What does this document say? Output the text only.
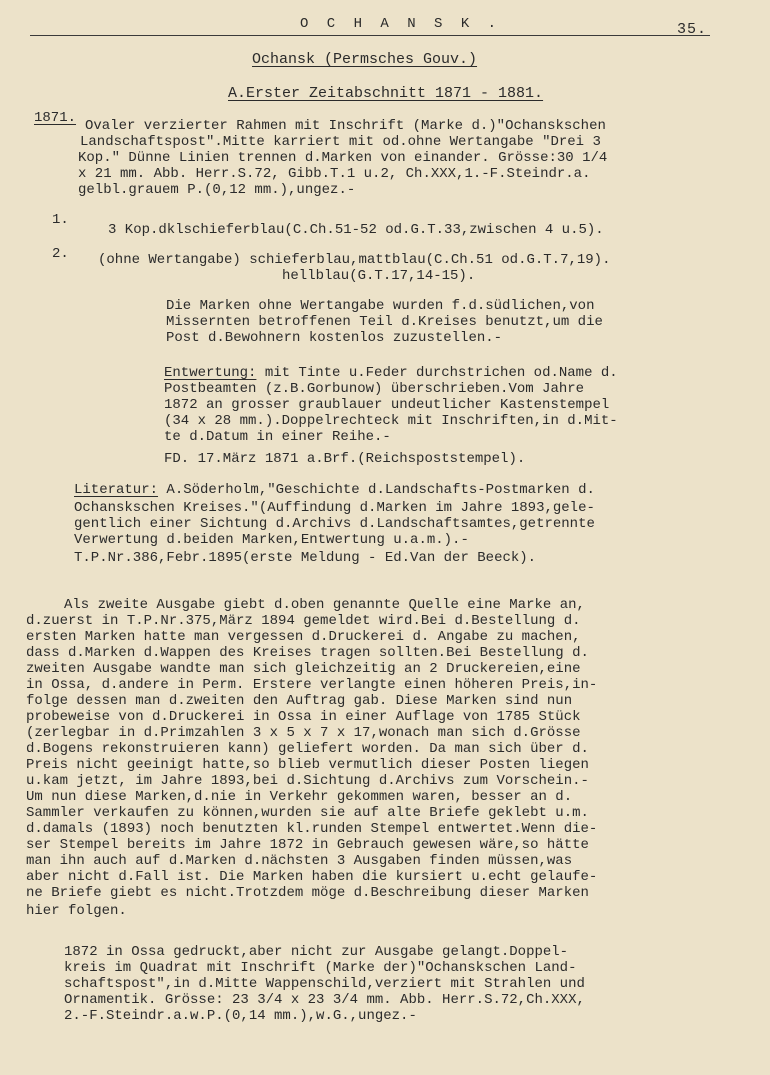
O C H A N S K .	35.
Ochansk (Permsches Gouv.)
A.Erster Zeitabschnitt 1871 - 1881.
1871. Ovaler verzierter Rahmen mit Inschrift (Marke d.)"Ochanskschen
Landschaftspost".Mitte karriert mit od.ohne Wertangabe "Drei 3
Kop." Dünne Linien trennen d.Marken von einander. Grösse:30 1/4
x 21 mm. Abb. Herr.S.72, Gibb.T.1 u.2, Ch.XXX,1.-F.Steindr.a.
gelbl.grauem P.(0,12 mm.),ungez.-
1.
3 Kop.dklschieferblau(C.Ch.51-52 od.G.T.33,zwischen 4 u.5).
2. (ohne Wertangabe) schieferblau,mattblau(C.Ch.51 od.G.T.7,19).
hellblau(G.T.17,14-15).
Die Marken ohne Wertangabe wurden f.d.südlichen,von
Missernten betroffenen Teil d.Kreises benutzt,um die
Post d.Bewohnern kostenlos zuzustellen.-
Entwertung: mit Tinte u.Feder durchstrichen od.Name d.
Postbeamten (z.B.Gorbunow) überschrieben.Vom Jahre
1872 an grosser graublauer undeutlicher Kastenstempel
(34 x 28 mm.).Doppelrechteck mit Inschriften,in d.Mit-
te d.Datum in einer Reihe.-
FD. 17.März 1871 a.Brf.(Reichspoststempel).
Literatur: A.Söderholm,"Geschichte d.Landschafts-Postmarken d.
Ochanskschen Kreises."(Auffindung d.Marken im Jahre 1893,gele-
gentlich einer Sichtung d.Archivs d.Landschaftsamtes,getrennte
Verwertung d.beiden Marken,Entwertung u.a.m.).-
T.P.Nr.386,Febr.1895(erste Meldung - Ed.Van der Beeck).
Als zweite Ausgabe giebt d.oben genannte Quelle eine Marke an,
d.zuerst in T.P.Nr.375,März 1894 gemeldet wird.Bei d.Bestellung d.
ersten Marken hatte man vergessen d.Druckerei d. Angabe zu machen,
dass d.Marken d.Wappen des Kreises tragen sollten.Bei Bestellung d.
zweiten Ausgabe wandte man sich gleichzeitig an 2 Druckereien,eine
in Ossa, d.andere in Perm. Erstere verlangte einen höheren Preis,in-
folge dessen man d.zweiten den Auftrag gab. Diese Marken sind nun
probeweise von d.Druckerei in Ossa in einer Auflage von 1785 Stück
(zerlegbar in d.Primzahlen 3 x 5 x 7 x 17,wonach man sich d.Grösse
d.Bogens rekonstruieren kann) geliefert worden. Da man sich über d.
Preis nicht geeinigt hatte,so blieb vermutlich dieser Posten liegen
u.kam jetzt, im Jahre 1893,bei d.Sichtung d.Archivs zum Vorschein.-
Um nun diese Marken,d.nie in Verkehr gekommen waren, besser an d.
Sammler verkaufen zu können,wurden sie auf alte Briefe geklebt u.m.
d.damals (1893) noch benutzten kl.runden Stempel entwertet.Wenn die-
ser Stempel bereits im Jahre 1872 in Gebrauch gewesen wäre,so hätte
man ihn auch auf d.Marken d.nächsten 3 Ausgaben finden müssen,was
aber nicht d.Fall ist. Die Marken haben die kursiert u.echt gelaufe-
ne Briefe giebt es nicht.Trotzdem möge d.Beschreibung dieser Marken
hier folgen.
1872 in Ossa gedruckt,aber nicht zur Ausgabe gelangt.Doppel-
kreis im Quadrat mit Inschrift (Marke der)"Ochanskschen Land-
schaftspost",in d.Mitte Wappenschild,verziert mit Strahlen und
Ornamentik. Grösse: 23 3/4 x 23 3/4 mm. Abb. Herr.S.72,Ch.XXX,
2.-F.Steindr.a.w.P.(0,14 mm.),w.G.,ungez.-
